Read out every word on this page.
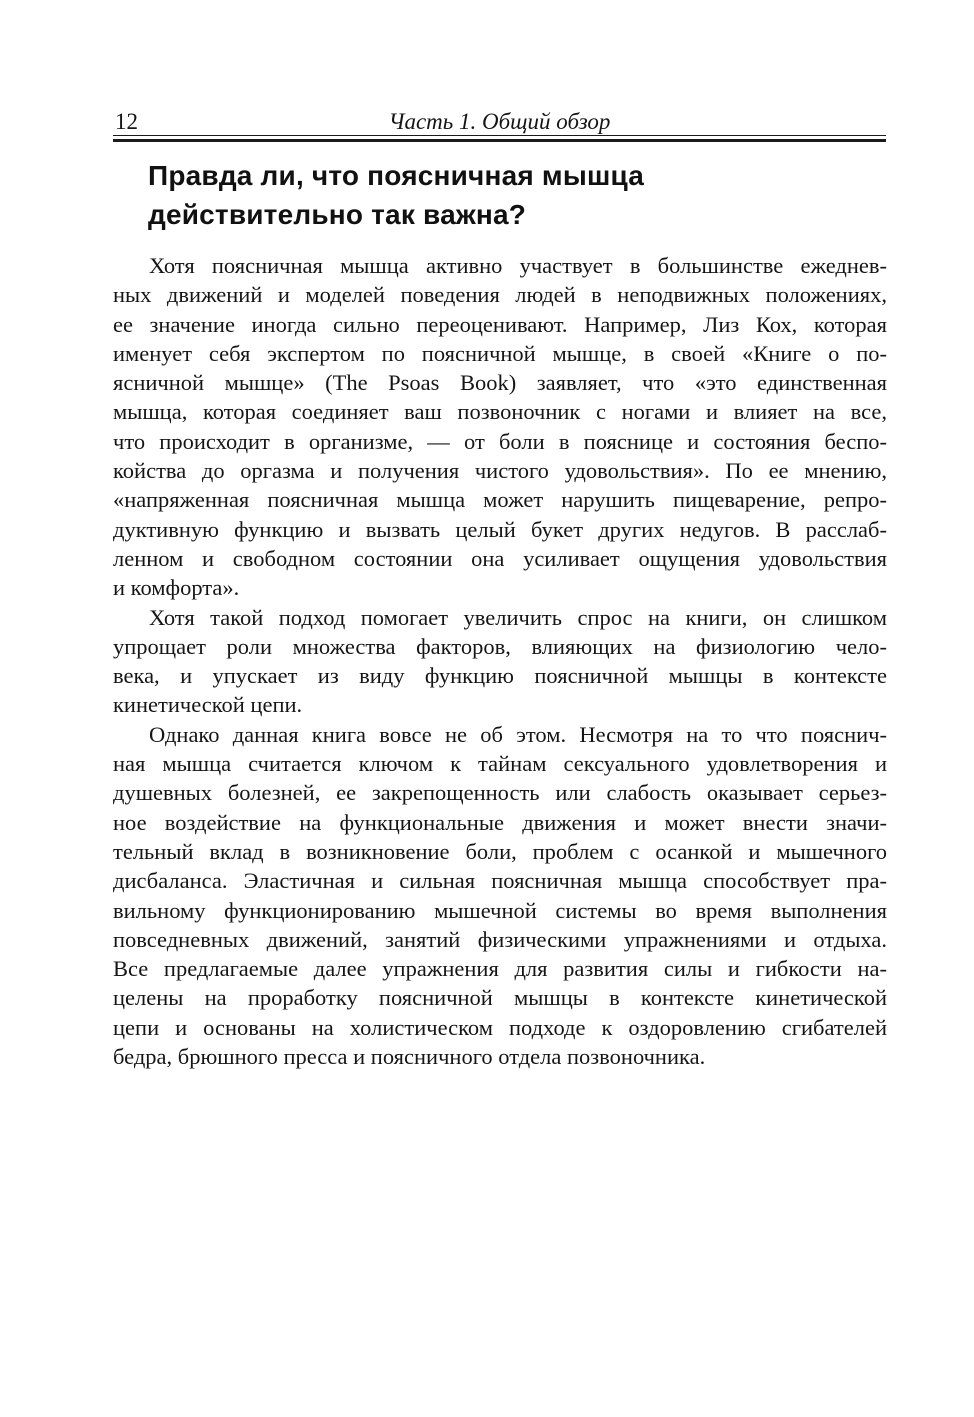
12	Часть 1. Общий обзор
Правда ли, что поясничная мышца
действительно так важна?
Хотя поясничная мышца активно участвует в большинстве ежеднев-
ных движений и моделей поведения людей в неподвижных положениях,
ее значение иногда сильно переоценивают. Например, Лиз Кох, которая
именует себя экспертом по поясничной мышце, в своей «Книге о по-
ясничной мышце» (The Psoas Book) заявляет, что «это единственная
мышца, которая соединяет ваш позвоночник с ногами и влияет на все,
что происходит в организме, — от боли в пояснице и состояния беспо-
койства до оргазма и получения чистого удовольствия». По ее мнению,
«напряженная поясничная мышца может нарушить пищеварение, репро-
дуктивную функцию и вызвать целый букет других недугов. В расслаб-
ленном и свободном состоянии она усиливает ощущения удовольствия
и комфорта».
Хотя такой подход помогает увеличить спрос на книги, он слишком
упрощает роли множества факторов, влияющих на физиологию чело-
века, и упускает из виду функцию поясничной мышцы в контексте
кинетической цепи.
Однако данная книга вовсе не об этом. Несмотря на то что пояснич-
ная мышца считается ключом к тайнам сексуального удовлетворения и
душевных болезней, ее закрепощенность или слабость оказывает серьез-
ное воздействие на функциональные движения и может внести значи-
тельный вклад в возникновение боли, проблем с осанкой и мышечного
дисбаланса. Эластичная и сильная поясничная мышца способствует пра-
вильному функционированию мышечной системы во время выполнения
повседневных движений, занятий физическими упражнениями и отдыха.
Все предлагаемые далее упражнения для развития силы и гибкости на-
целены на проработку поясничной мышцы в контексте кинетической
цепи и основаны на холистическом подходе к оздоровлению сгибателей
бедра, брюшного пресса и поясничного отдела позвоночника.
